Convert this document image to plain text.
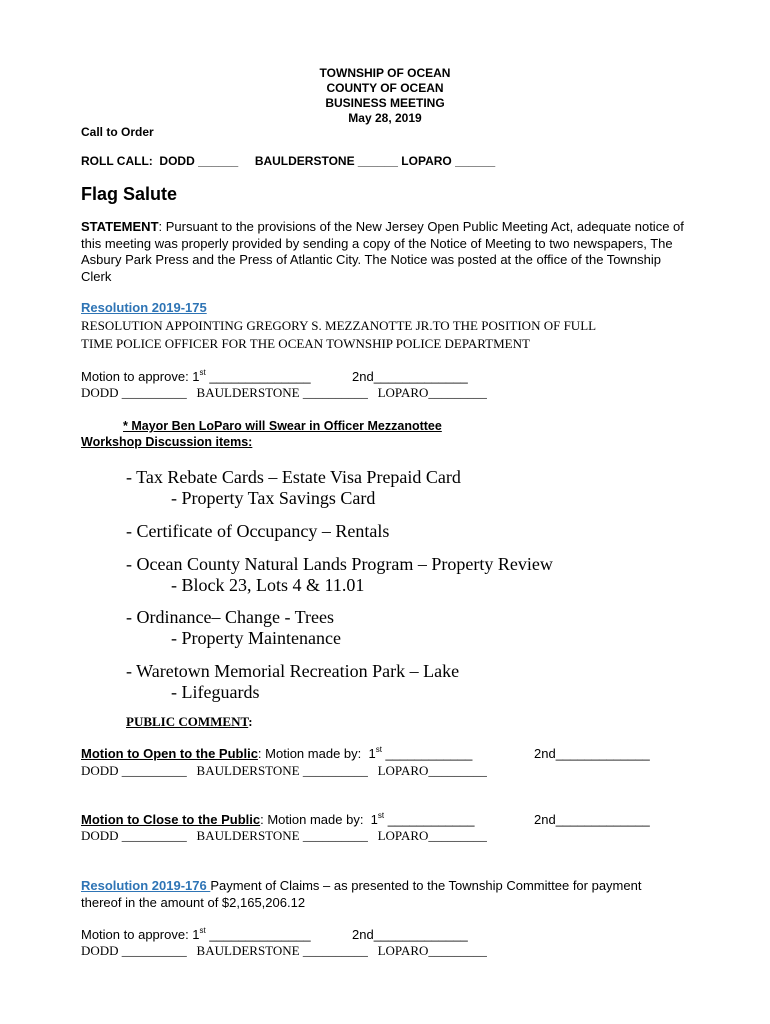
TOWNSHIP OF OCEAN
COUNTY OF OCEAN
BUSINESS MEETING
May 28, 2019
Call to Order
ROLL CALL:  DODD ______     BAULDERSTONE ______ LOPARO ______
Flag Salute
STATEMENT: Pursuant to the provisions of the New Jersey Open Public Meeting Act, adequate notice of this meeting was properly provided by sending a copy of the Notice of Meeting to two newspapers, The Asbury Park Press and the Press of Atlantic City. The Notice was posted at the office of the Township Clerk
Resolution 2019-175
RESOLUTION APPOINTING GREGORY S. MEZZANOTTE JR.TO THE POSITION OF FULL
TIME POLICE OFFICER FOR THE OCEAN TOWNSHIP POLICE DEPARTMENT
Motion to approve: 1st ______________	2nd_____________
DODD __________   BAULDERSTONE __________   LOPARO_________
* Mayor Ben LoParo will Swear in Officer Mezzanottee
Workshop Discussion items:
- Tax Rebate Cards – Estate Visa Prepaid Card
- Property Tax Savings Card
- Certificate of Occupancy – Rentals
- Ocean County Natural Lands Program – Property Review
- Block 23, Lots 4 & 11.01
- Ordinance– Change - Trees
- Property Maintenance
- Waretown Memorial Recreation Park – Lake
- Lifeguards
PUBLIC COMMENT:
Motion to Open to the Public: Motion made by:  1st ____________	2nd_____________
DODD __________   BAULDERSTONE __________   LOPARO_________
Motion to Close to the Public: Motion made by:  1st ____________	2nd_____________
DODD __________   BAULDERSTONE __________   LOPARO_________
Resolution 2019-176 Payment of Claims – as presented to the Township Committee for payment
thereof in the amount of $2,165,206.12
Motion to approve: 1st ______________	2nd_____________
DODD __________   BAULDERSTONE __________   LOPARO_________
